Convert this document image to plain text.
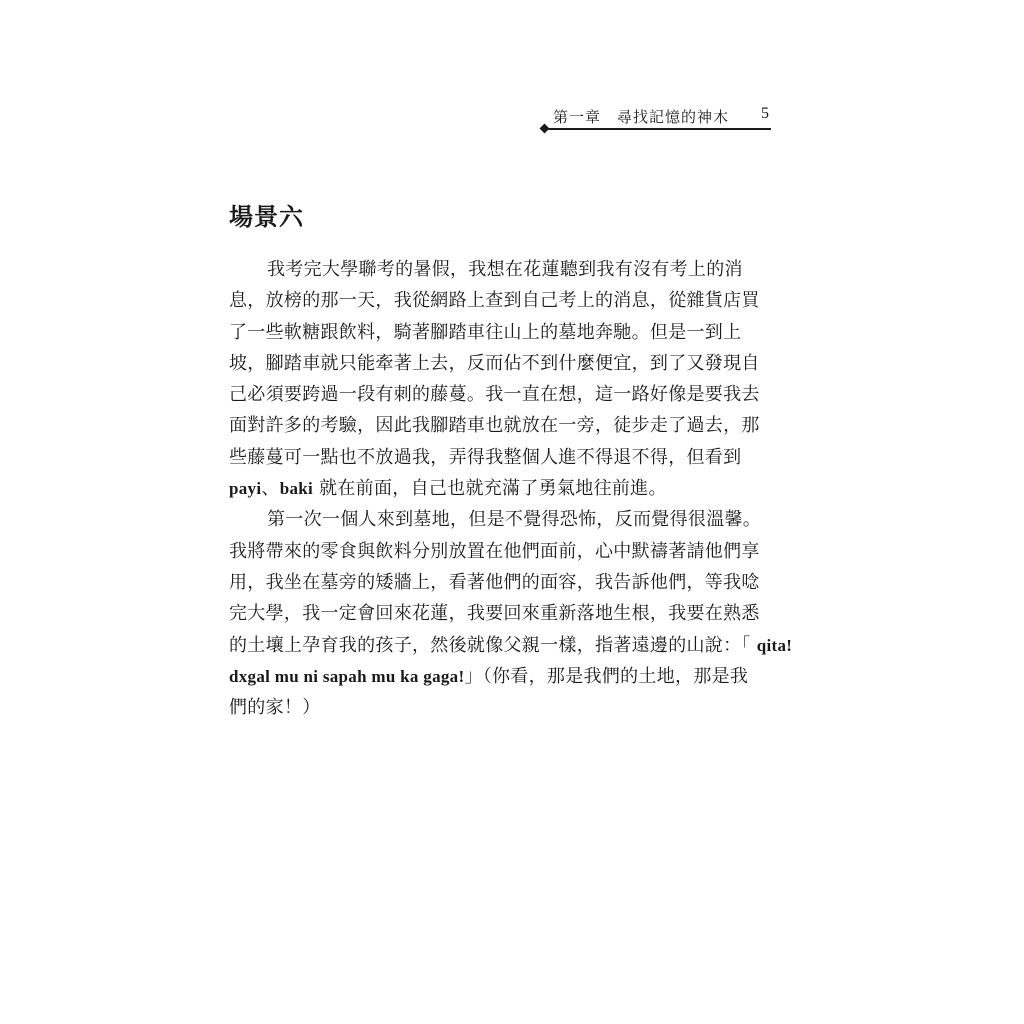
第一章　尋找記憶的神木 5
場景六
我考完大學聯考的暑假，我想在花蓮聽到我有沒有考上的消
息，放榜的那一天，我從網路上查到自己考上的消息，從雜貨店買
了一些軟糖跟飲料，騎著腳踏車往山上的墓地奔馳。但是一到上
坡，腳踏車就只能牽著上去，反而佔不到什麼便宜，到了又發現自
己必須要跨過一段有刺的藤蔓。我一直在想，這一路好像是要我去
面對許多的考驗，因此我腳踏車也就放在一旁，徒步走了過去，那
些藤蔓可一點也不放過我，弄得我整個人進不得退不得，但看到
payi、baki 就在前面，自己也就充滿了勇氣地往前進。
第一次一個人來到墓地，但是不覺得恐怖，反而覺得很溫馨。
我將帶來的零食與飲料分別放置在他們面前，心中默禱著請他們享
用，我坐在墓旁的矮牆上，看著他們的面容，我告訴他們，等我唸
完大學，我一定會回來花蓮，我要回來重新落地生根，我要在熟悉
的土壤上孕育我的孩子，然後就像父親一樣，指著遠邊的山說：「 qita!
dxgal mu ni sapah mu ka gaga!」（你看，那是我們的土地，那是我
們的家！）
